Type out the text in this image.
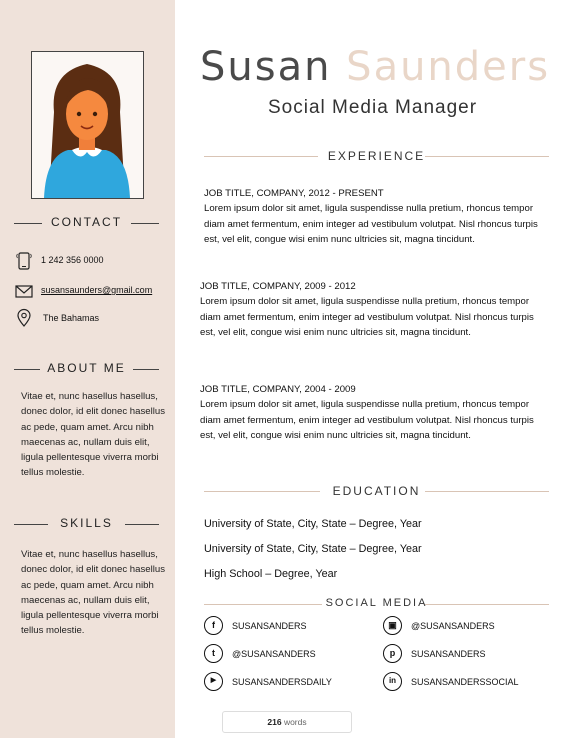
CONTACT
1 242 356 0000
susansaunders@gmail.com
The Bahamas
ABOUT ME
Vitae et, nunc hasellus hasellus, donec dolor, id elit donec hasellus ac pede, quam amet. Arcu nibh maecenas ac, nullam duis elit, ligula pellentesque viverra morbi tellus molestie.
SKILLS
Vitae et, nunc hasellus hasellus, donec dolor, id elit donec hasellus ac pede, quam amet. Arcu nibh maecenas ac, nullam duis elit, ligula pellentesque viverra morbi tellus molestie.
Susan Saunders
Social Media Manager
EXPERIENCE
JOB TITLE, COMPANY, 2012 - PRESENT
Lorem ipsum dolor sit amet, ligula suspendisse nulla pretium, rhoncus tempor diam amet fermentum, enim integer ad vestibulum volutpat. Nisl rhoncus turpis est, vel elit, congue wisi enim nunc ultricies sit, magna tincidunt.
JOB TITLE, COMPANY, 2009 - 2012
Lorem ipsum dolor sit amet, ligula suspendisse nulla pretium, rhoncus tempor diam amet fermentum, enim integer ad vestibulum volutpat. Nisl rhoncus turpis est, vel elit, congue wisi enim nunc ultricies sit, magna tincidunt.
JOB TITLE, COMPANY, 2004 - 2009
Lorem ipsum dolor sit amet, ligula suspendisse nulla pretium, rhoncus tempor diam amet fermentum, enim integer ad vestibulum volutpat. Nisl rhoncus turpis est, vel elit, congue wisi enim nunc ultricies sit, magna tincidunt.
EDUCATION
University of State, City, State – Degree, Year
University of State, City, State – Degree, Year
High School – Degree, Year
SOCIAL MEDIA
f	SUSANSANDERS	▣	@SUSANSANDERS
t	@SUSANSANDERS	p	SUSANSANDERS
▶	SUSANSANDERSDAILY	in	SUSANSANDERSSOCIAL
216 words
